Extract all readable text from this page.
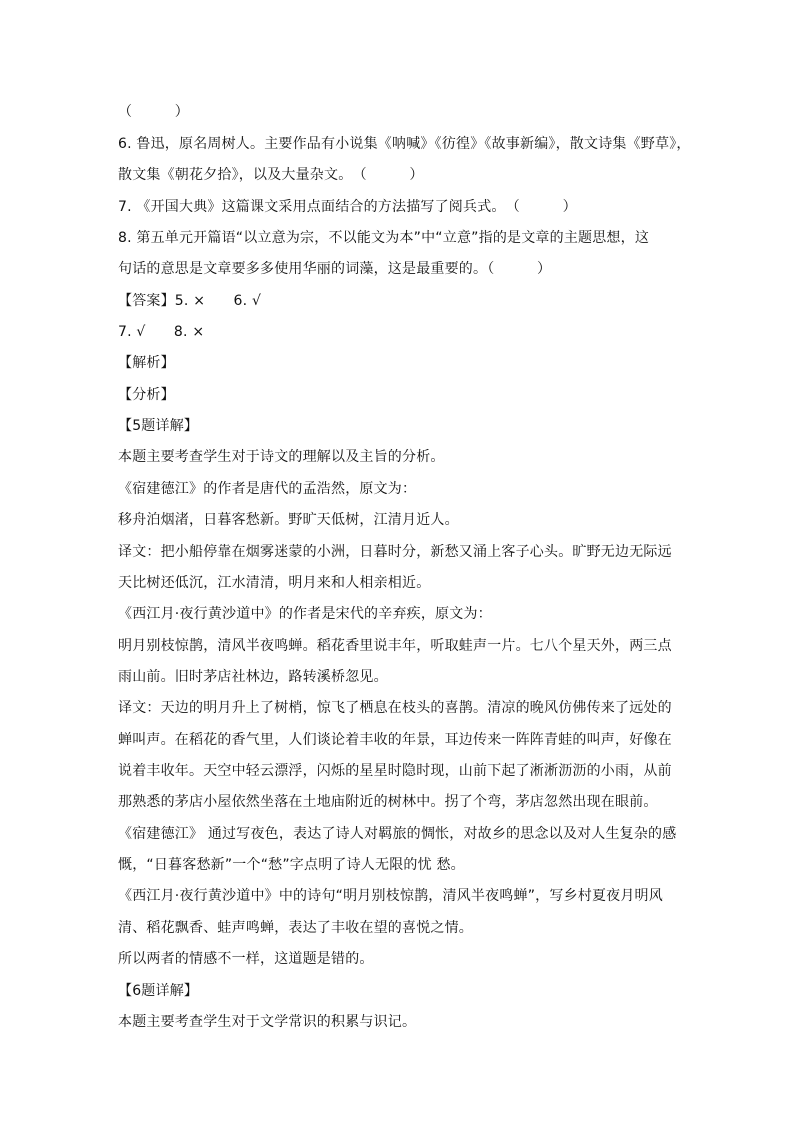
（　　　）
6. 鲁迅，原名周树人。主要作品有小说集《呐喊》《彷徨》《故事新编》，散文诗集《野草》，
散文集《朝花夕拾》，以及大量杂文。　（　　　）
7. 《开国大典》这篇课文采用点面结合的方法描写了阅兵式。　（　　　）
8. 第五单元开篇语“以立意为宗，不以能文为本”中“立意”指的是文章的主题思想，这
句话的意思是文章要多多使用华丽的词藻，这是最重要的。（　　　）
【答案】5. ×　　6. √
7. √　　8. ×
【解析】
【分析】
【5题详解】
本题主要考查学生对于诗文的理解以及主旨的分析。
《宿建德江》的作者是唐代的孟浩然，原文为：
移舟泊烟渚，日暮客愁新。野旷天低树，江清月近人。
译文：把小船停靠在烟雾迷蒙的小洲，日暮时分，新愁又涌上客子心头。旷野无边无际远
天比树还低沉，江水清清，明月来和人相亲相近。
《西江月·夜行黄沙道中》的作者是宋代的辛弃疾，原文为：
明月别枝惊鹊，清风半夜鸣蝉。稻花香里说丰年，听取蛙声一片。七八个星天外，两三点
雨山前。旧时茅店社林边，路转溪桥忽见。
译文：天边的明月升上了树梢，惊飞了栖息在枝头的喜鹊。清凉的晚风仿佛传来了远处的
蝉叫声。在稻花的香气里，人们谈论着丰收的年景，耳边传来一阵阵青蛙的叫声，好像在
说着丰收年。天空中轻云漂浮，闪烁的星星时隐时现，山前下起了淅淅沥沥的小雨，从前
那熟悉的茅店小屋依然坐落在土地庙附近的树林中。拐了个弯，茅店忽然出现在眼前。
《宿建德江》 通过写夜色，表达了诗人对羁旅的惆怅，对故乡的思念以及对人生复杂的感
慨，“日暮客愁新”一个“愁”字点明了诗人无限的忧 愁。
《西江月·夜行黄沙道中》中的诗句“明月别枝惊鹊，清风半夜鸣蝉”，写乡村夏夜月明风
清、稻花飘香、蛙声鸣蝉，表达了丰收在望的喜悦之情。
所以两者的情感不一样，这道题是错的。
【6题详解】
本题主要考查学生对于文学常识的积累与识记。
